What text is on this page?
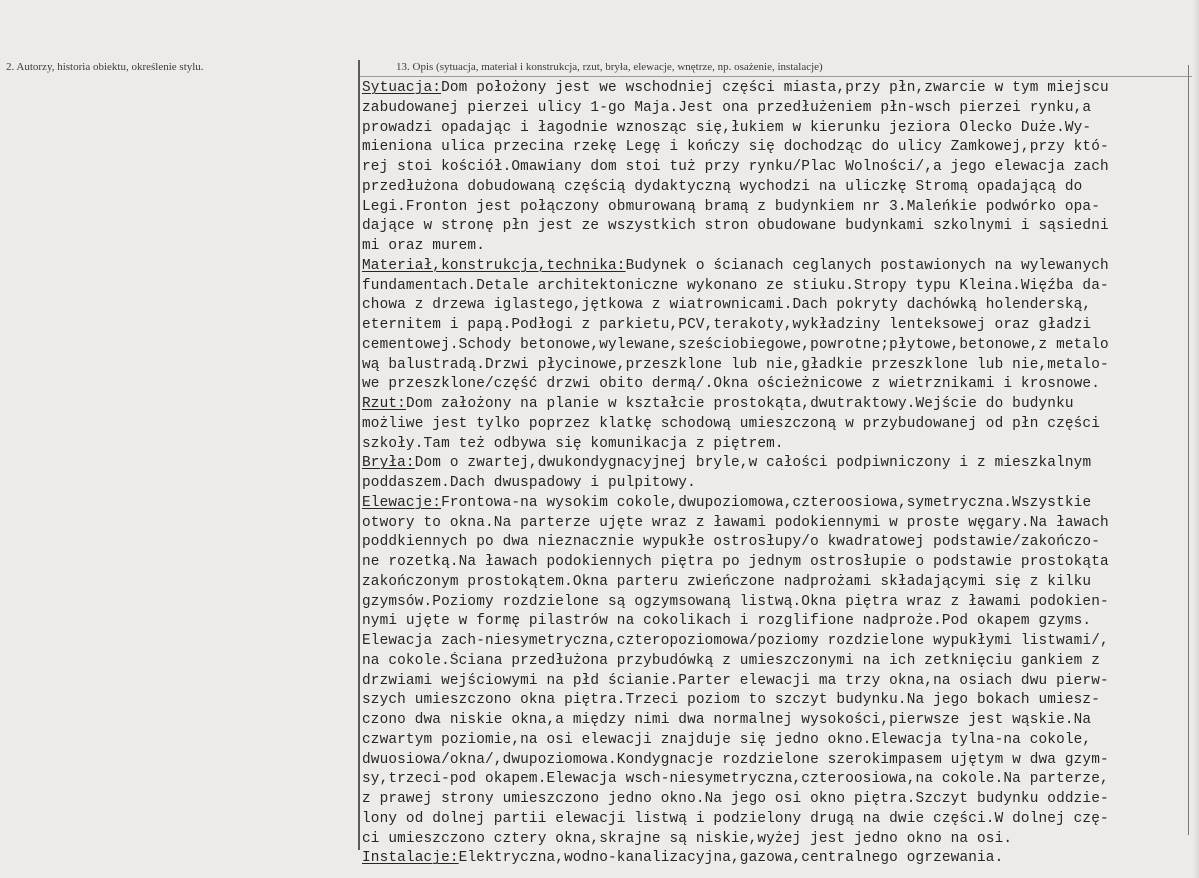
2. Autorzy, historia obiektu, określenie stylu.	13. Opis (sytuacja, materiał i konstrukcja, rzut, bryła, elewacje, wnętrze, np. osażenie, instalacje)
Sytuacja:Dom położony jest we wschodniej części miasta,przy płn,zwarcie w tym miejscu
zabudowanej pierzei ulicy 1-go Maja.Jest ona przedłużeniem płn-wsch pierzei rynku,a
prowadzi opadając i łagodnie wznosząc się,łukiem w kierunku jeziora Olecko Duże.Wy-
mieniona ulica przecina rzekę Legę i kończy się dochodząc do ulicy Zamkowej,przy któ-
rej stoi kościół.Omawiany dom stoi tuż przy rynku/Plac Wolności/,a jego elewacja zach
przedłużona dobudowaną częścią dydaktyczną wychodzi na uliczkę Stromą opadającą do
Legi.Fronton jest połączony obmurowaną bramą z budynkiem nr 3.Maleńkie podwórko opa-
dające w stronę płn jest ze wszystkich stron obudowane budynkami szkolnymi i sąsiedni
mi oraz murem.
Materiał,konstrukcja,technika:Budynek o ścianach ceglanych postawionych na wylewanych
fundamentach.Detale architektoniczne wykonano ze stiuku.Stropy typu Kleina.Więźba da-
chowa z drzewa iglastego,jętkowa z wiatrownicami.Dach pokryty dachówką holenderską,
eternitem i papą.Podłogi z parkietu,PCV,terakoty,wykładziny lenteksowej oraz gładzi
cementowej.Schody betonowe,wylewane,sześciobiegowe,powrotne;płytowe,betonowe,z metalo
wą balustradą.Drzwi płycinowe,przeszklone lub nie,gładkie przeszklone lub nie,metalo-
we przeszklone/część drzwi obito dermą/.Okna ościeżnicowe z wietrznikami i krosnowe.
Rzut:Dom założony na planie w kształcie prostokąta,dwutraktowy.Wejście do budynku
możliwe jest tylko poprzez klatkę schodową umieszczoną w przybudowanej od płn części
szkoły.Tam też odbywa się komunikacja z piętrem.
Bryła:Dom o zwartej,dwukondygnacyjnej bryle,w całości podpiwniczony i z mieszkalnym
poddaszem.Dach dwuspadowy i pulpitowy.
Elewacje:Frontowa-na wysokim cokole,dwupoziomowa,czteroosiowa,symetryczna.Wszystkie
otwory to okna.Na parterze ujęte wraz z ławami podokiennymi w proste węgary.Na ławach
poddkiennych po dwa nieznacznie wypukłe ostrosłupy/o kwadratowej podstawie/zakończo-
ne rozetką.Na ławach podokiennych piętra po jednym ostrosłupie o podstawie prostokąta
zakończonym prostokątem.Okna parteru zwieńczone nadprożami składającymi się z kilku
gzymsów.Poziomy rozdzielone są ogzymsowaną listwą.Okna piętra wraz z ławami podokien-
nymi ujęte w formę pilastrów na cokolikach i rozglifione nadproże.Pod okapem gzyms.
Elewacja zach-niesymetryczna,czteropoziomowa/poziomy rozdzielone wypukłymi listwami/,
na cokole.Ściana przedłużona przybudówką z umieszczonymi na ich zetknięciu gankiem z
drzwiami wejściowymi na płd ścianie.Parter elewacji ma trzy okna,na osiach dwu pierw-
szych umieszczono okna piętra.Trzeci poziom to szczyt budynku.Na jego bokach umiesz-
czono dwa niskie okna,a między nimi dwa normalnej wysokości,pierwsze jest wąskie.Na
czwartym poziomie,na osi elewacji znajduje się jedno okno.Elewacja tylna-na cokole,
dwuosiowa/okna/,dwupoziomowa.Kondygnacje rozdzielone szerokimpasem ujętym w dwa gzym-
sy,trzeci-pod okapem.Elewacja wsch-niesymetryczna,czteroosiowa,na cokole.Na parterze,
z prawej strony umieszczono jedno okno.Na jego osi okno piętra.Szczyt budynku oddzie-
lony od dolnej partii elewacji listwą i podzielony drugą na dwie części.W dolnej czę-
ci umieszczono cztery okna,skrajne są niskie,wyżej jest jedno okno na osi.
Instalacje:Elektryczna,wodno-kanalizacyjna,gazowa,centralnego ogrzewania.
